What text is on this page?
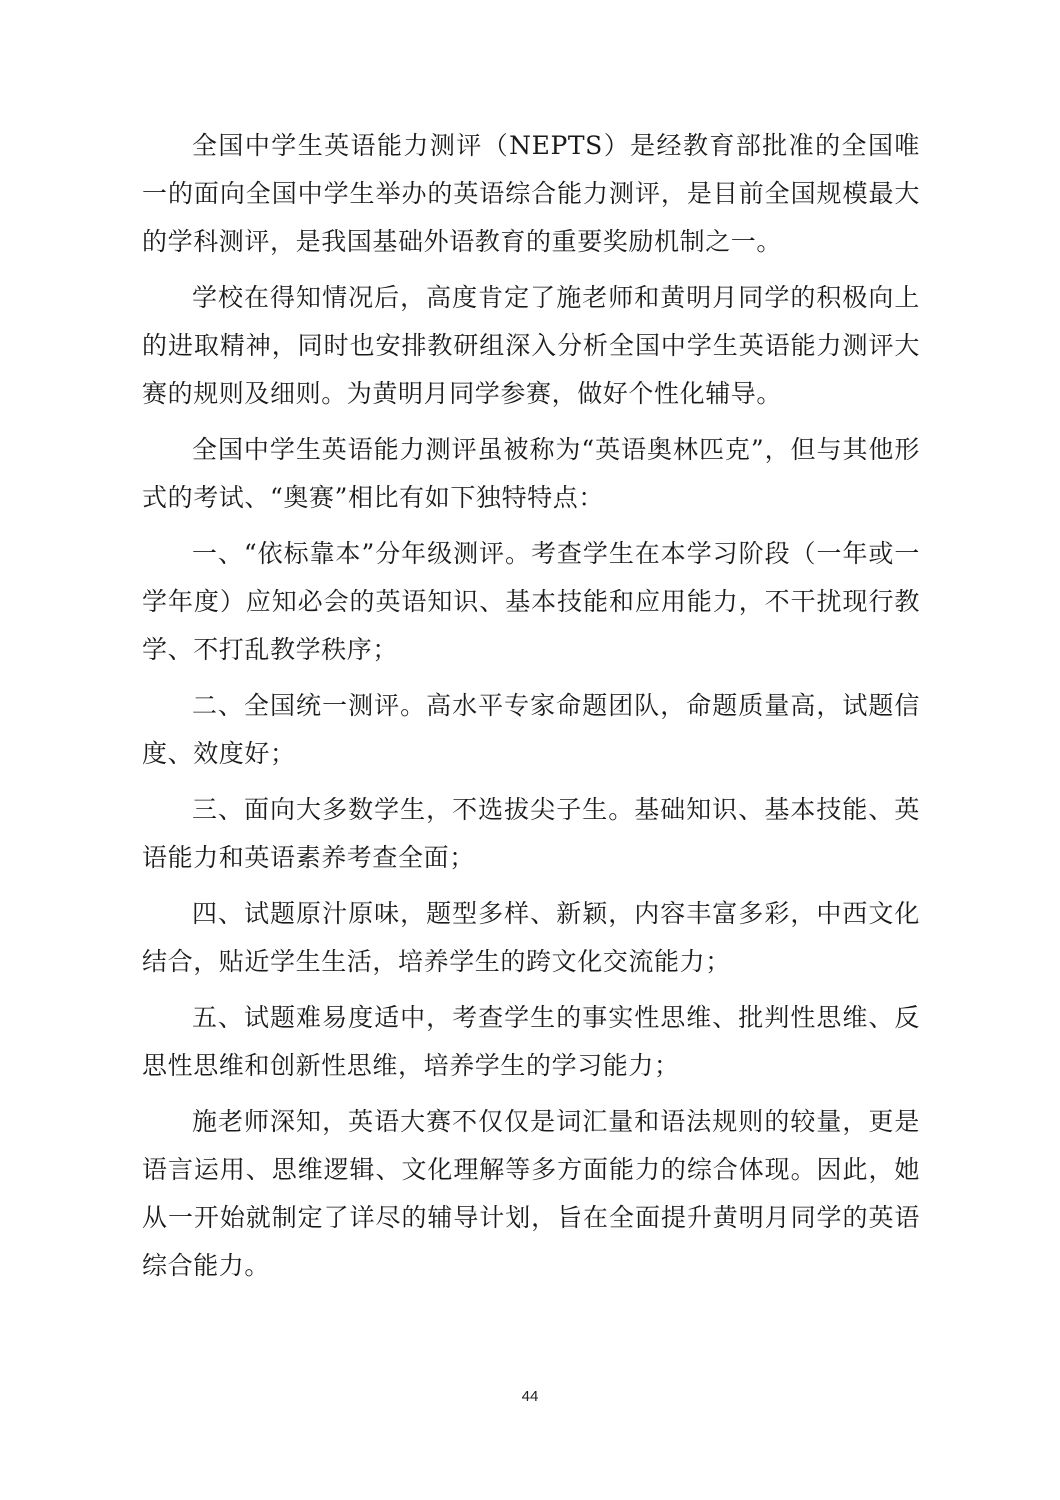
全国中学生英语能力测评（NEPTS）是经教育部批准的全国唯一的面向全国中学生举办的英语综合能力测评，是目前全国规模最大的学科测评，是我国基础外语教育的重要奖励机制之一。

学校在得知情况后，高度肯定了施老师和黄明月同学的积极向上的进取精神，同时也安排教研组深入分析全国中学生英语能力测评大赛的规则及细则。为黄明月同学参赛，做好个性化辅导。

全国中学生英语能力测评虽被称为“英语奥林匹克”，但与其他形式的考试、“奥赛”相比有如下独特特点：

一、“依标靠本”分年级测评。考查学生在本学习阶段（一年或一学年度）应知必会的英语知识、基本技能和应用能力，不干扰现行教学、不打乱教学秩序；

二、全国统一测评。高水平专家命题团队，命题质量高，试题信度、效度好；

三、面向大多数学生，不选拔尖子生。基础知识、基本技能、英语能力和英语素养考查全面；

四、试题原汁原味，题型多样、新颖，内容丰富多彩，中西文化结合，贴近学生生活，培养学生的跨文化交流能力；

五、试题难易度适中，考查学生的事实性思维、批判性思维、反思性思维和创新性思维，培养学生的学习能力；

施老师深知，英语大赛不仅仅是词汇量和语法规则的较量，更是语言运用、思维逻辑、文化理解等多方面能力的综合体现。因此，她从一开始就制定了详尽的辅导计划，旨在全面提升黄明月同学的英语综合能力。

44
